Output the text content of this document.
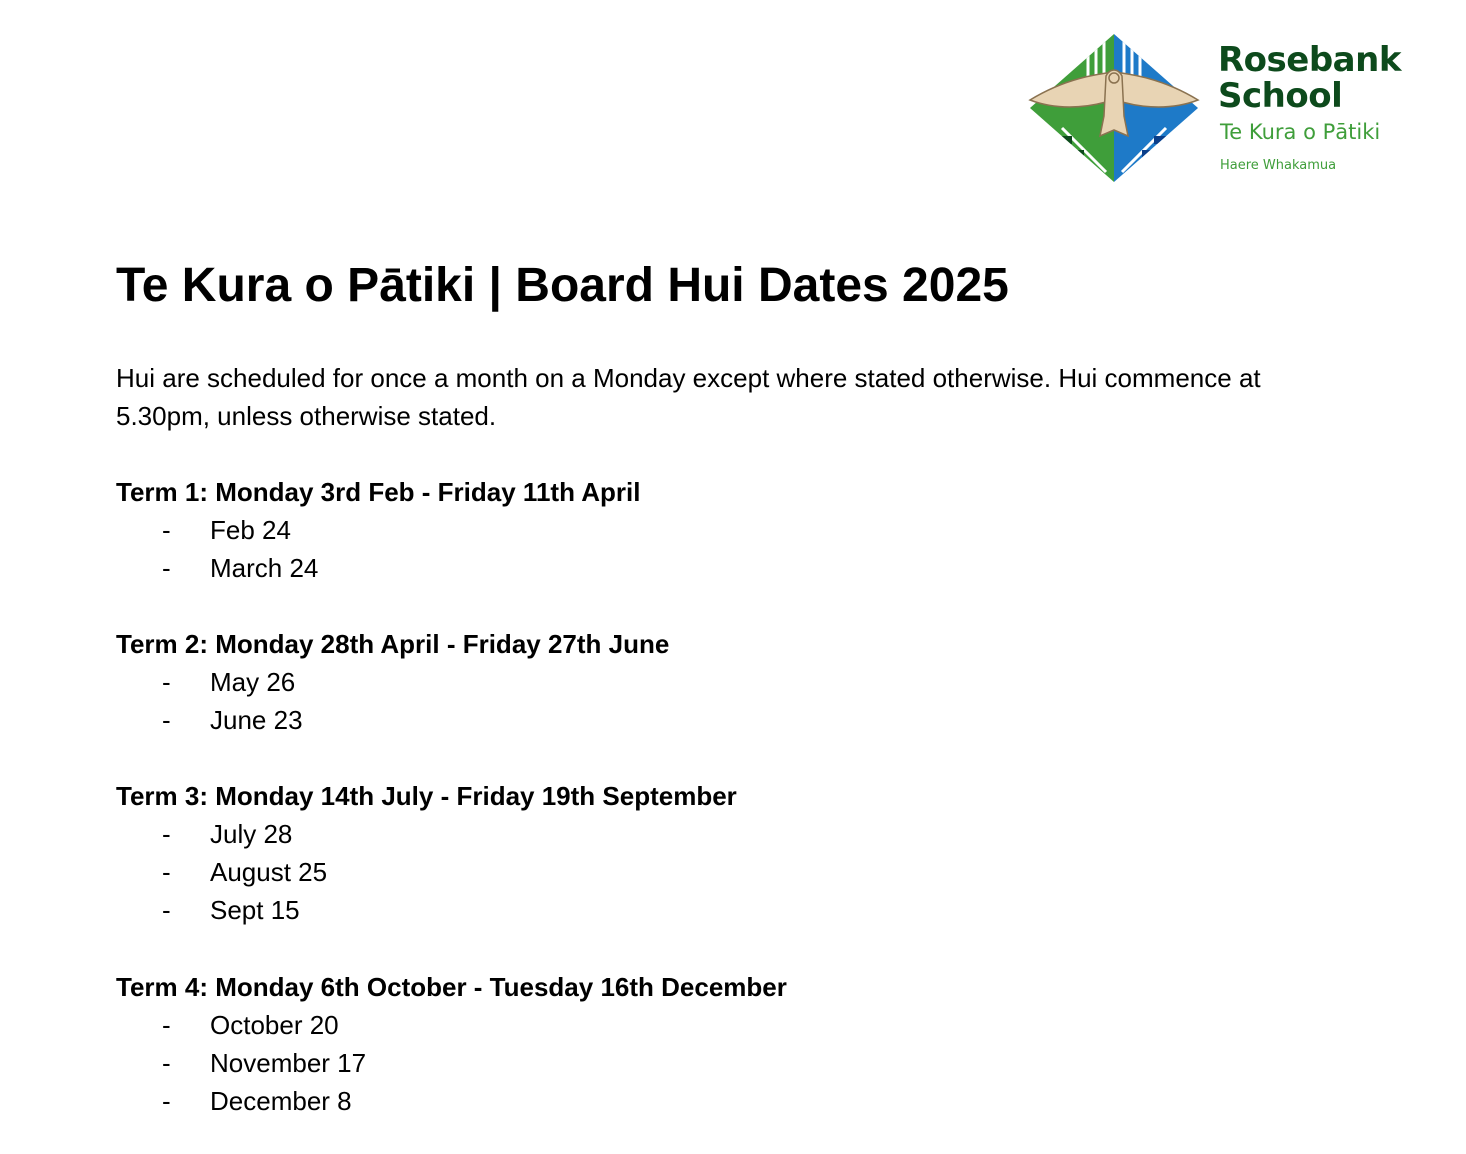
Rosebank
School
Te Kura o Pātiki
Haere Whakamua
Te Kura o Pātiki | Board Hui Dates 2025

Hui are scheduled for once a month on a Monday except where stated otherwise. Hui commence at 5.30pm, unless otherwise stated.

Term 1: Monday 3rd Feb - Friday 11th April

- Feb 24
- March 24

Term 2: Monday 28th April - Friday 27th June

- May 26
- June 23

Term 3: Monday 14th July - Friday 19th September

- July 28
- August 25
- Sept 15

Term 4: Monday 6th October - Tuesday 16th December

- October 20
- November 17
- December 8
